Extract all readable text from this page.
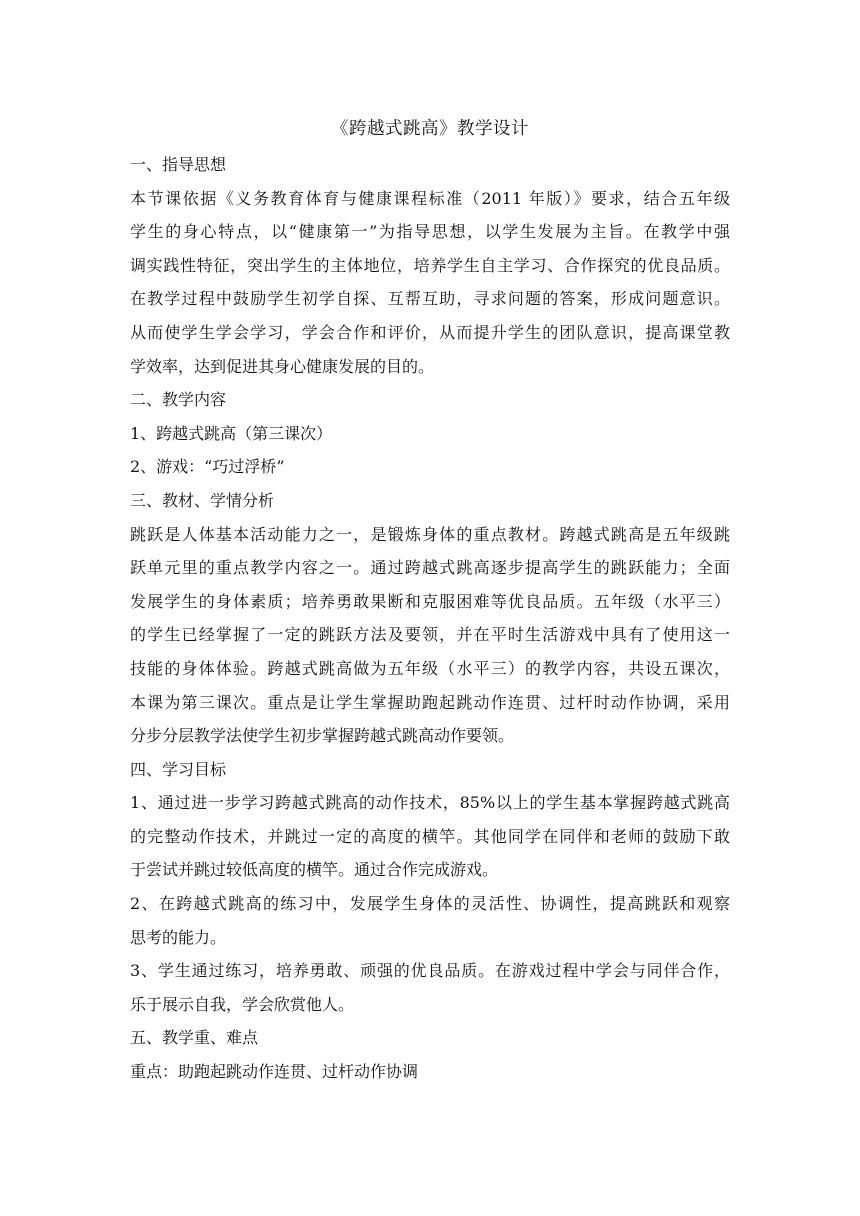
《跨越式跳高》教学设计

一、指导思想

本节课依据《义务教育体育与健康课程标准（2011 年版）》要求，结合五年级

学生的身心特点，以“健康第一”为指导思想，以学生发展为主旨。在教学中强

调实践性特征，突出学生的主体地位，培养学生自主学习、合作探究的优良品质。

在教学过程中鼓励学生初学自探、互帮互助，寻求问题的答案，形成问题意识。

从而使学生学会学习，学会合作和评价，从而提升学生的团队意识，提高课堂教

学效率，达到促进其身心健康发展的目的。

二、教学内容

1、跨越式跳高（第三课次）

2、游戏：“巧过浮桥”

三、教材、学情分析

跳跃是人体基本活动能力之一，是锻炼身体的重点教材。跨越式跳高是五年级跳

跃单元里的重点教学内容之一。通过跨越式跳高逐步提高学生的跳跃能力；全面

发展学生的身体素质；培养勇敢果断和克服困难等优良品质。五年级（水平三）

的学生已经掌握了一定的跳跃方法及要领，并在平时生活游戏中具有了使用这一

技能的身体体验。跨越式跳高做为五年级（水平三）的教学内容，共设五课次，

本课为第三课次。重点是让学生掌握助跑起跳动作连贯、过杆时动作协调，采用

分步分层教学法使学生初步掌握跨越式跳高动作要领。

四、学习目标

1、通过进一步学习跨越式跳高的动作技术，85%以上的学生基本掌握跨越式跳高

的完整动作技术，并跳过一定的高度的横竿。其他同学在同伴和老师的鼓励下敢

于尝试并跳过较低高度的横竿。通过合作完成游戏。

2、在跨越式跳高的练习中，发展学生身体的灵活性、协调性，提高跳跃和观察

思考的能力。

3、学生通过练习，培养勇敢、顽强的优良品质。在游戏过程中学会与同伴合作，

乐于展示自我，学会欣赏他人。

五、教学重、难点

重点：助跑起跳动作连贯、过杆动作协调
